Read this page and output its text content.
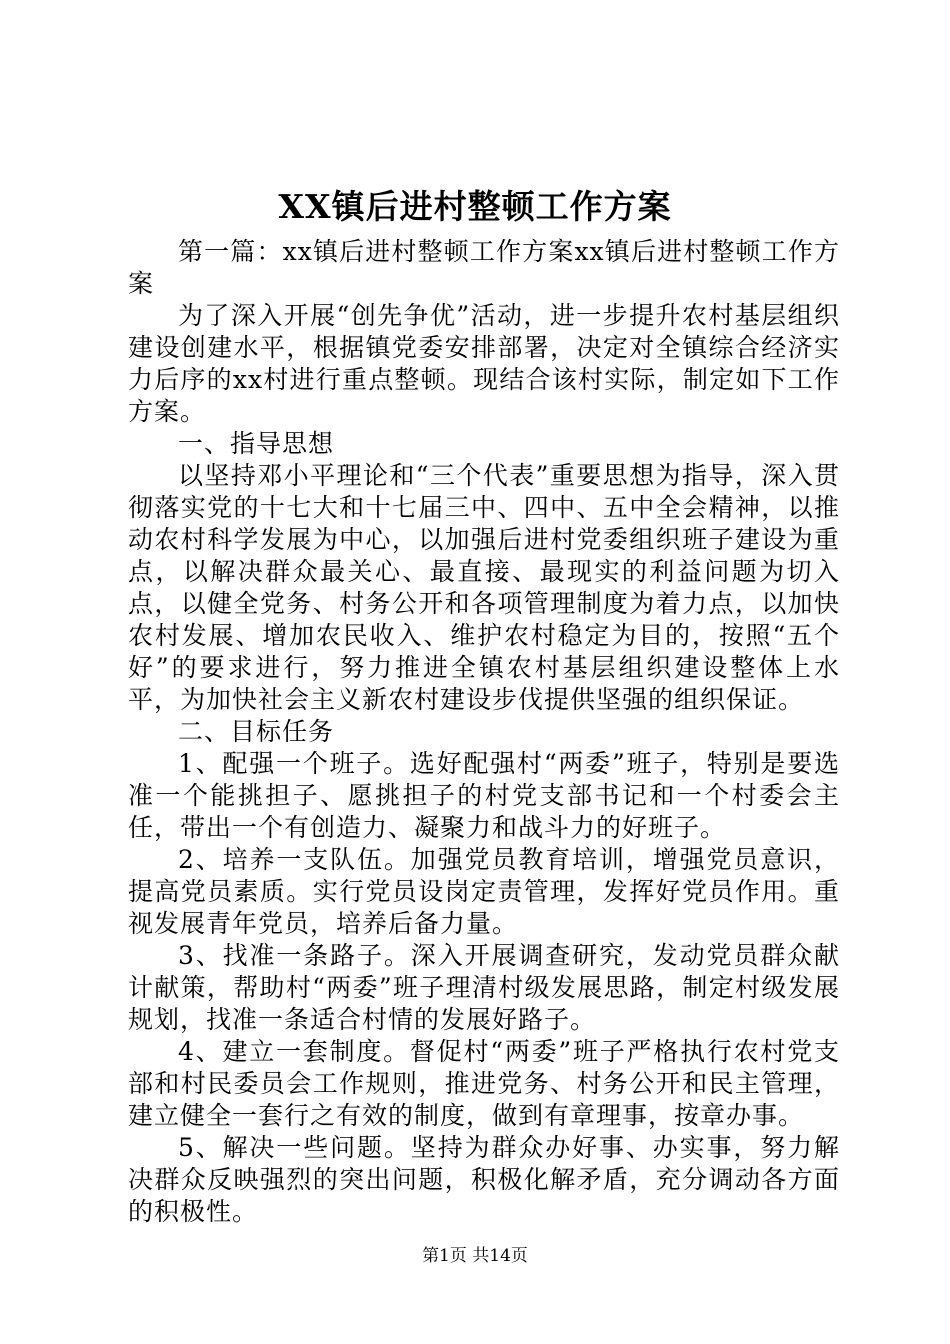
XX镇后进村整顿工作方案

第一篇：xx镇后进村整顿工作方案xx镇后进村整顿工作方案

为了深入开展“创先争优”活动，进一步提升农村基层组织建设创建水平，根据镇党委安排部署，决定对全镇综合经济实力后序的xx村进行重点整顿。现结合该村实际，制定如下工作方案。

一、指导思想

以坚持邓小平理论和“三个代表”重要思想为指导，深入贯彻落实党的十七大和十七届三中、四中、五中全会精神，以推动农村科学发展为中心，以加强后进村党委组织班子建设为重点，以解决群众最关心、最直接、最现实的利益问题为切入点，以健全党务、村务公开和各项管理制度为着力点，以加快农村发展、增加农民收入、维护农村稳定为目的，按照“五个好”的要求进行，努力推进全镇农村基层组织建设整体上水平，为加快社会主义新农村建设步伐提供坚强的组织保证。

二、目标任务

1、配强一个班子。选好配强村“两委”班子，特别是要选准一个能挑担子、愿挑担子的村党支部书记和一个村委会主任，带出一个有创造力、凝聚力和战斗力的好班子。

2、培养一支队伍。加强党员教育培训，增强党员意识，提高党员素质。实行党员设岗定责管理，发挥好党员作用。重视发展青年党员，培养后备力量。

3、找准一条路子。深入开展调查研究，发动党员群众献计献策，帮助村“两委”班子理清村级发展思路，制定村级发展规划，找准一条适合村情的发展好路子。

4、建立一套制度。督促村“两委”班子严格执行农村党支部和村民委员会工作规则，推进党务、村务公开和民主管理，建立健全一套行之有效的制度，做到有章理事，按章办事。

5、解决一些问题。坚持为群众办好事、办实事，努力解决群众反映强烈的突出问题，积极化解矛盾，充分调动各方面的积极性。

第1页 共14页
